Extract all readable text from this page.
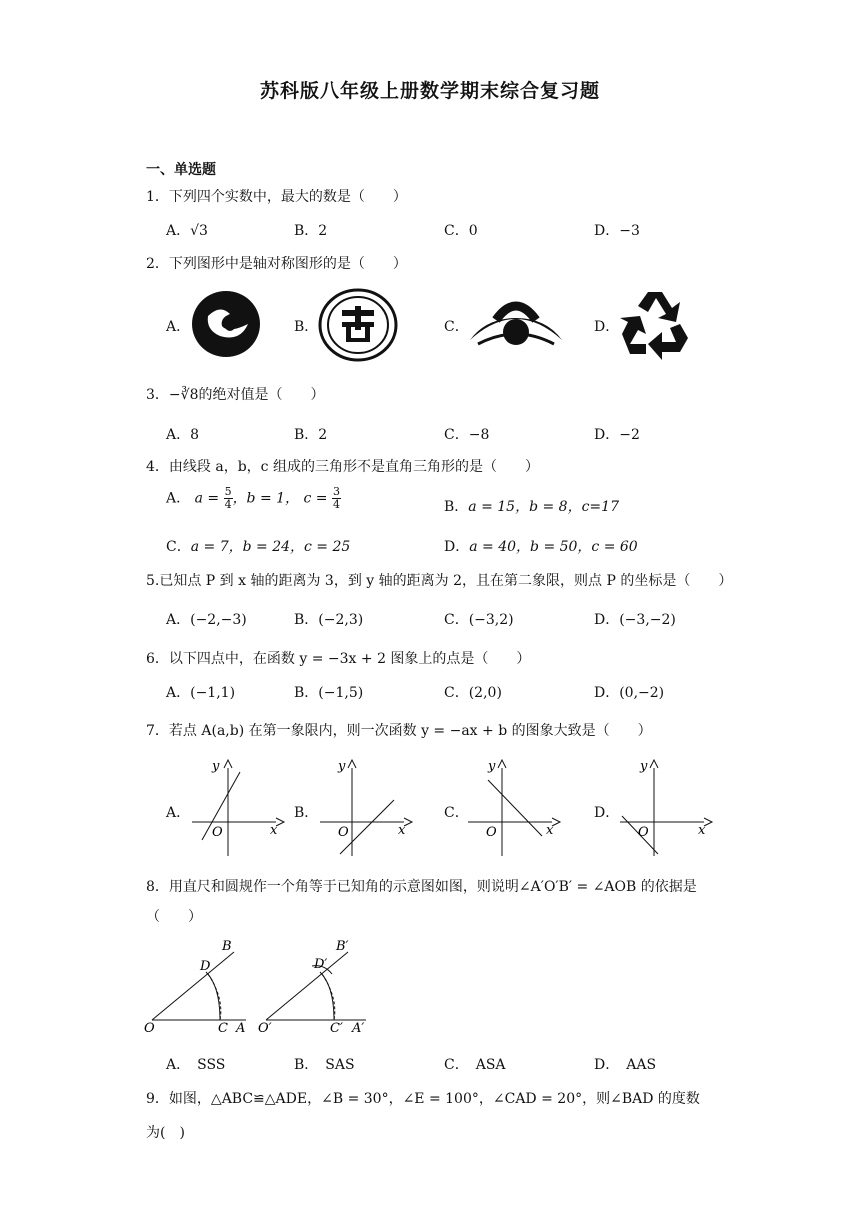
苏科版八年级上册数学期末综合复习题
一、单选题
1．下列四个实数中，最大的数是（　　）
A．√3	B．2	C．0	D．−3
2．下列图形中是轴对称图形的是（　　）
A．	B．	C．	D．
3．−∛8的绝对值是（　　）
A．8	B．2	C．−8	D．−2
4．由线段 a，b，c 组成的三角形不是直角三角形的是（　　）
A． $a = \frac{5}{4}$ ，b = 1， $c = \frac{3}{4}$	B．a = 15，b = 8，c=17
C．a = 7，b = 24，c = 25	D．a = 40，b = 50，c = 60
5.已知点 P 到 x 轴的距离为 3，到 y 轴的距离为 2，且在第二象限，则点 P 的坐标是（　　）
A．(−2,−3)	B．(−2,3)	C．(−3,2)	D．(−3,−2)
6．以下四点中，在函数 y = −3x + 2 图象上的点是（　　）
A．(−1,1)	B．(−1,5)	C．(2,0)	D．(0,−2)
7．若点 A(a,b) 在第一象限内，则一次函数 y = −ax + b 的图象大致是（　　）
A．	B．	C．	D．
y
x
O
y
x
O
y
x
O
y
x
O
8．用直尺和圆规作一个角等于已知角的示意图如图，则说明∠A′O′B′ = ∠AOB 的依据是
（　　）
B
D
O	C A
B′
D′
O′	C′ A′
A．　SSS	B．　SAS	C．　ASA	D．　AAS
9．如图，△ABC≌△ADE，∠B = 30°，∠E = 100°，∠CAD = 20°，则∠BAD 的度数
为(　)
